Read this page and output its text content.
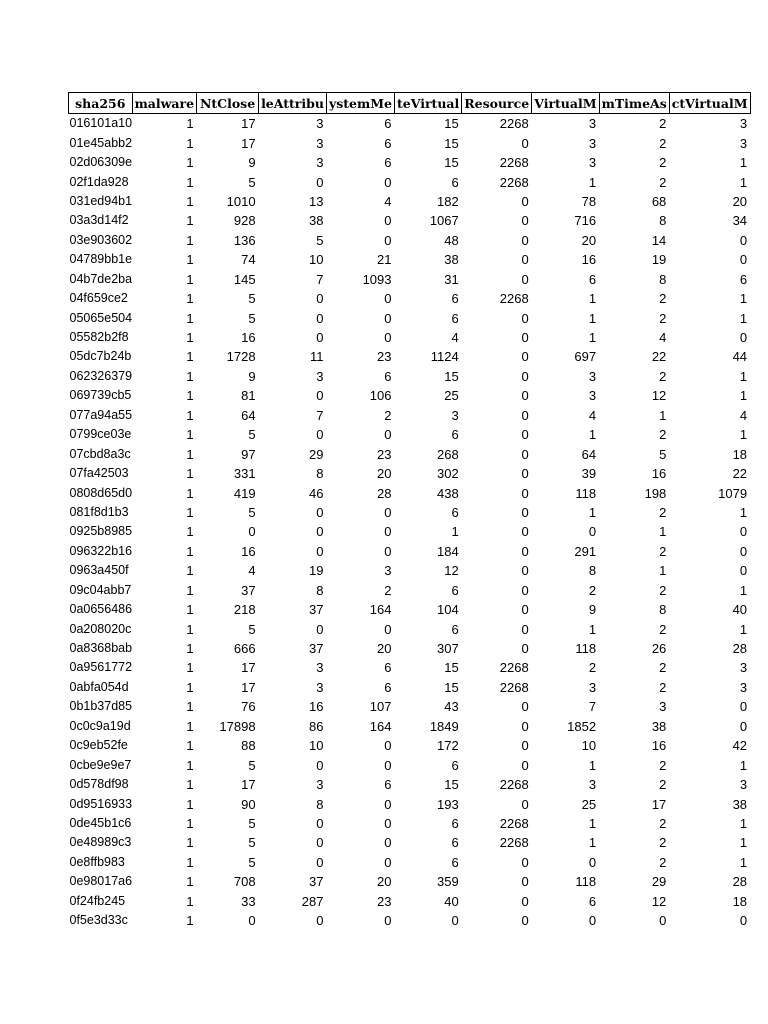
sha256	malware	NtClose	leAttribu	ystemMe	teVirtual	Resource	VirtualM	mTimeAs	ctVirtualM
016101a10	1	17	3	6	15	2268	3	2	3
01e45abb2	1	17	3	6	15	0	3	2	3
02d06309e	1	9	3	6	15	2268	3	2	1
02f1da928	1	5	0	0	6	2268	1	2	1
031ed94b1	1	1010	13	4	182	0	78	68	20
03a3d14f2	1	928	38	0	1067	0	716	8	34
03e903602	1	136	5	0	48	0	20	14	0
04789bb1e	1	74	10	21	38	0	16	19	0
04b7de2ba	1	145	7	1093	31	0	6	8	6
04f659ce2	1	5	0	0	6	2268	1	2	1
05065e504	1	5	0	0	6	0	1	2	1
05582b2f8	1	16	0	0	4	0	1	4	0
05dc7b24b	1	1728	11	23	1124	0	697	22	44
062326379	1	9	3	6	15	0	3	2	1
069739cb5	1	81	0	106	25	0	3	12	1
077a94a55	1	64	7	2	3	0	4	1	4
0799ce03e	1	5	0	0	6	0	1	2	1
07cbd8a3c	1	97	29	23	268	0	64	5	18
07fa42503	1	331	8	20	302	0	39	16	22
0808d65d0	1	419	46	28	438	0	118	198	1079
081f8d1b3	1	5	0	0	6	0	1	2	1
0925b8985	1	0	0	0	1	0	0	1	0
096322b16	1	16	0	0	184	0	291	2	0
0963a450f	1	4	19	3	12	0	8	1	0
09c04abb7	1	37	8	2	6	0	2	2	1
0a0656486	1	218	37	164	104	0	9	8	40
0a208020c	1	5	0	0	6	0	1	2	1
0a8368bab	1	666	37	20	307	0	118	26	28
0a9561772	1	17	3	6	15	2268	2	2	3
0abfa054d	1	17	3	6	15	2268	3	2	3
0b1b37d85	1	76	16	107	43	0	7	3	0
0c0c9a19d	1	17898	86	164	1849	0	1852	38	0
0c9eb52fe	1	88	10	0	172	0	10	16	42
0cbe9e9e7	1	5	0	0	6	0	1	2	1
0d578df98	1	17	3	6	15	2268	3	2	3
0d9516933	1	90	8	0	193	0	25	17	38
0de45b1c6	1	5	0	0	6	2268	1	2	1
0e48989c3	1	5	0	0	6	2268	1	2	1
0e8ffb983	1	5	0	0	6	0	0	2	1
0e98017a6	1	708	37	20	359	0	118	29	28
0f24fb245	1	33	287	23	40	0	6	12	18
0f5e3d33c	1	0	0	0	0	0	0	0	0
